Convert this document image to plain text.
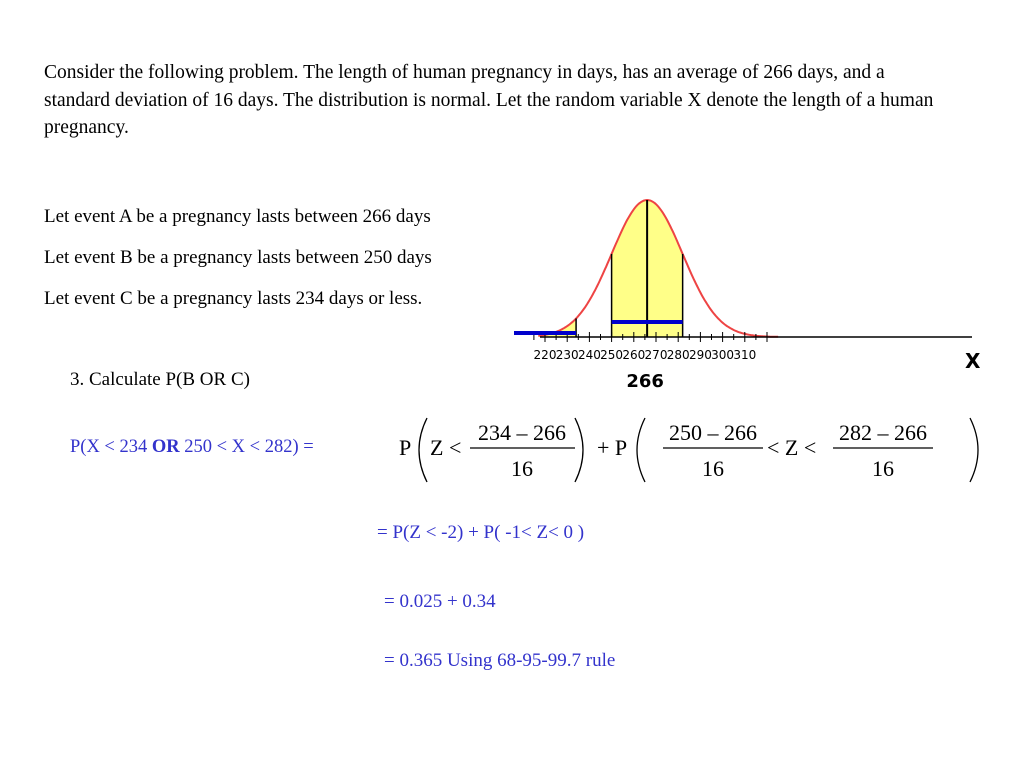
Consider the following problem. The length of human pregnancy in days, has an average of 266 days, and a standard deviation of 16 days. The distribution is normal. Let the random variable X denote the length of a human pregnancy.

Let event A be a pregnancy lasts between 266 days
Let event B be a pregnancy lasts between 250 days
Let event C be a pregnancy lasts 234 days or less.
220 230 240 250 260 270 280 290 300 310	X
266
3. Calculate P(B OR C)
P(X < 234 OR 250 < X < 282) =	P Z <
234 – 266
16
+ P
250 – 266
16
< Z <
282 – 266
16
= P(Z < -2) + P( -1< Z< 0 )
= 0.025 + 0.34
= 0.365 Using 68-95-99.7 rule
